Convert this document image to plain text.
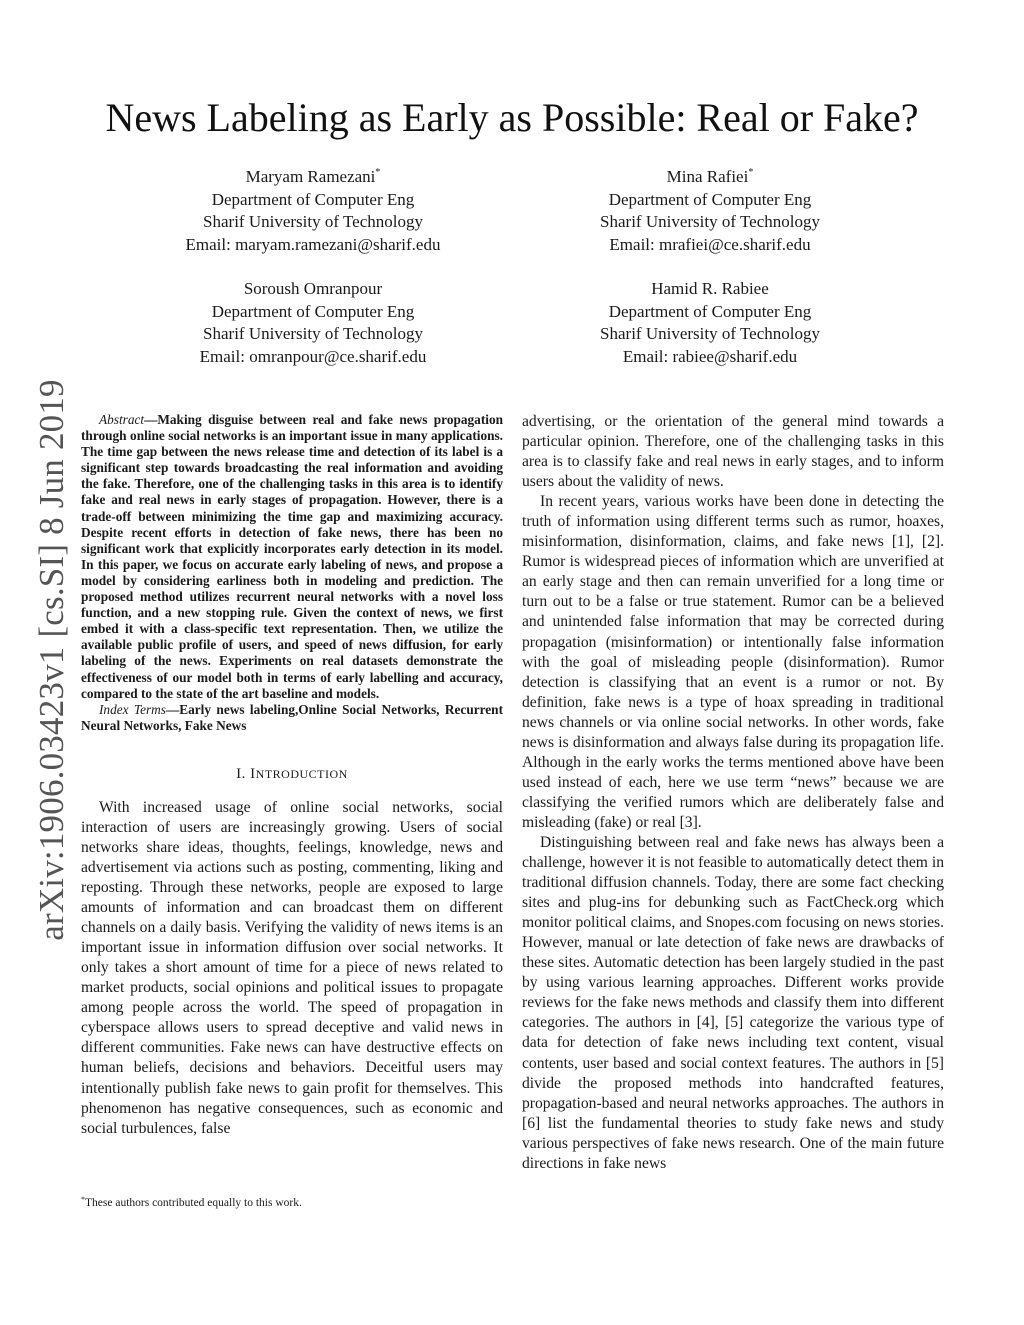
arXiv:1906.03423v1 [cs.SI] 8 Jun 2019
News Labeling as Early as Possible: Real or Fake?
Maryam Ramezani*
Department of Computer Eng
Sharif University of Technology
Email: maryam.ramezani@sharif.edu
Mina Rafiei*
Department of Computer Eng
Sharif University of Technology
Email: mrafiei@ce.sharif.edu
Soroush Omranpour
Department of Computer Eng
Sharif University of Technology
Email: omranpour@ce.sharif.edu
Hamid R. Rabiee
Department of Computer Eng
Sharif University of Technology
Email: rabiee@sharif.edu

Abstract—Making disguise between real and fake news propagation through online social networks is an important issue in many applications. The time gap between the news release time and detection of its label is a significant step towards broadcasting the real information and avoiding the fake. Therefore, one of the challenging tasks in this area is to identify fake and real news in early stages of propagation. However, there is a trade-off between minimizing the time gap and maximizing accuracy. Despite recent efforts in detection of fake news, there has been no significant work that explicitly incorporates early detection in its model. In this paper, we focus on accurate early labeling of news, and propose a model by considering earliness both in modeling and prediction. The proposed method utilizes recurrent neural networks with a novel loss function, and a new stopping rule. Given the context of news, we first embed it with a class-specific text representation. Then, we utilize the available public profile of users, and speed of news diffusion, for early labeling of the news. Experiments on real datasets demonstrate the effectiveness of our model both in terms of early labelling and accuracy, compared to the state of the art baseline and models.

Index Terms—Early news labeling,Online Social Networks, Recurrent Neural Networks, Fake News

I. INTRODUCTION

With increased usage of online social networks, social interaction of users are increasingly growing. Users of social networks share ideas, thoughts, feelings, knowledge, news and advertisement via actions such as posting, commenting, liking and reposting. Through these networks, people are exposed to large amounts of information and can broadcast them on different channels on a daily basis. Verifying the validity of news items is an important issue in information diffusion over social networks. It only takes a short amount of time for a piece of news related to market products, social opinions and political issues to propagate among people across the world. The speed of propagation in cyberspace allows users to spread deceptive and valid news in different communities. Fake news can have destructive effects on human beliefs, decisions and behaviors. Deceitful users may intentionally publish fake news to gain profit for themselves. This phenomenon has negative consequences, such as economic and social turbulences, false

advertising, or the orientation of the general mind towards a particular opinion. Therefore, one of the challenging tasks in this area is to classify fake and real news in early stages, and to inform users about the validity of news.

In recent years, various works have been done in detecting the truth of information using different terms such as rumor, hoaxes, misinformation, disinformation, claims, and fake news [1], [2]. Rumor is widespread pieces of information which are unverified at an early stage and then can remain unverified for a long time or turn out to be a false or true statement. Rumor can be a believed and unintended false information that may be corrected during propagation (misinformation) or intentionally false information with the goal of misleading people (disinformation). Rumor detection is classifying that an event is a rumor or not. By definition, fake news is a type of hoax spreading in traditional news channels or via online social networks. In other words, fake news is disinformation and always false during its propagation life. Although in the early works the terms mentioned above have been used instead of each, here we use term “news” because we are classifying the verified rumors which are deliberately false and misleading (fake) or real [3].

Distinguishing between real and fake news has always been a challenge, however it is not feasible to automatically detect them in traditional diffusion channels. Today, there are some fact checking sites and plug-ins for debunking such as FactCheck.org which monitor political claims, and Snopes.com focusing on news stories. However, manual or late detection of fake news are drawbacks of these sites. Automatic detection has been largely studied in the past by using various learning approaches. Different works provide reviews for the fake news methods and classify them into different categories. The authors in [4], [5] categorize the various type of data for detection of fake news including text content, visual contents, user based and social context features. The authors in [5] divide the proposed methods into handcrafted features, propagation-based and neural networks approaches. The authors in [6] list the fundamental theories to study fake news and study various perspectives of fake news research. One of the main future directions in fake news

*These authors contributed equally to this work.
